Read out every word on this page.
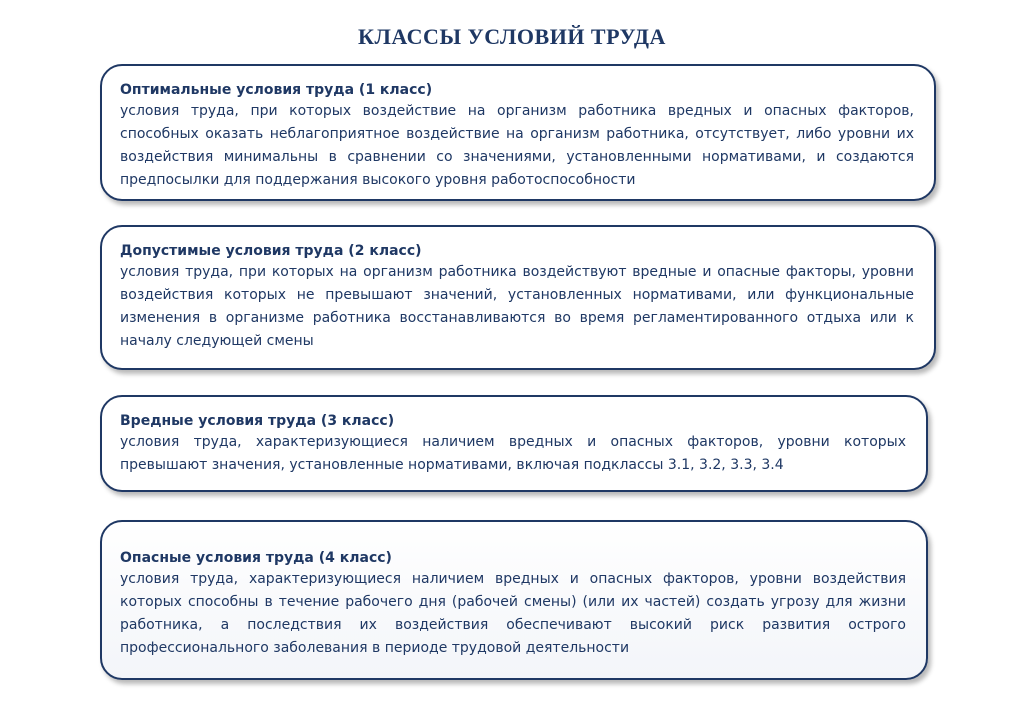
КЛАССЫ УСЛОВИЙ ТРУДА
Оптимальные условия труда (1 класс)
условия труда, при которых воздействие на организм работника вредных и опасных факторов, способных оказать неблагоприятное воздействие на организм работника, отсутствует, либо уровни их воздействия минимальны в сравнении со значениями, установленными нормативами, и создаются предпосылки для поддержания высокого уровня работоспособности
Допустимые условия труда (2 класс)
условия труда, при которых на организм работника воздействуют вредные и опасные факторы, уровни воздействия которых не превышают значений, установленных нормативами, или функциональные изменения в организме работника восстанавливаются во время регламентированного отдыха или к началу следующей смены
Вредные условия труда (3 класс)
условия труда, характеризующиеся наличием вредных и опасных факторов, уровни которых превышают значения, установленные нормативами, включая подклассы 3.1, 3.2, 3.3, 3.4
Опасные условия труда (4 класс)
условия труда, характеризующиеся наличием вредных и опасных факторов, уровни воздействия которых способны в течение рабочего дня (рабочей смены) (или их частей) создать угрозу для жизни работника, а последствия их воздействия обеспечивают высокий риск развития острого профессионального заболевания в периоде трудовой деятельности
